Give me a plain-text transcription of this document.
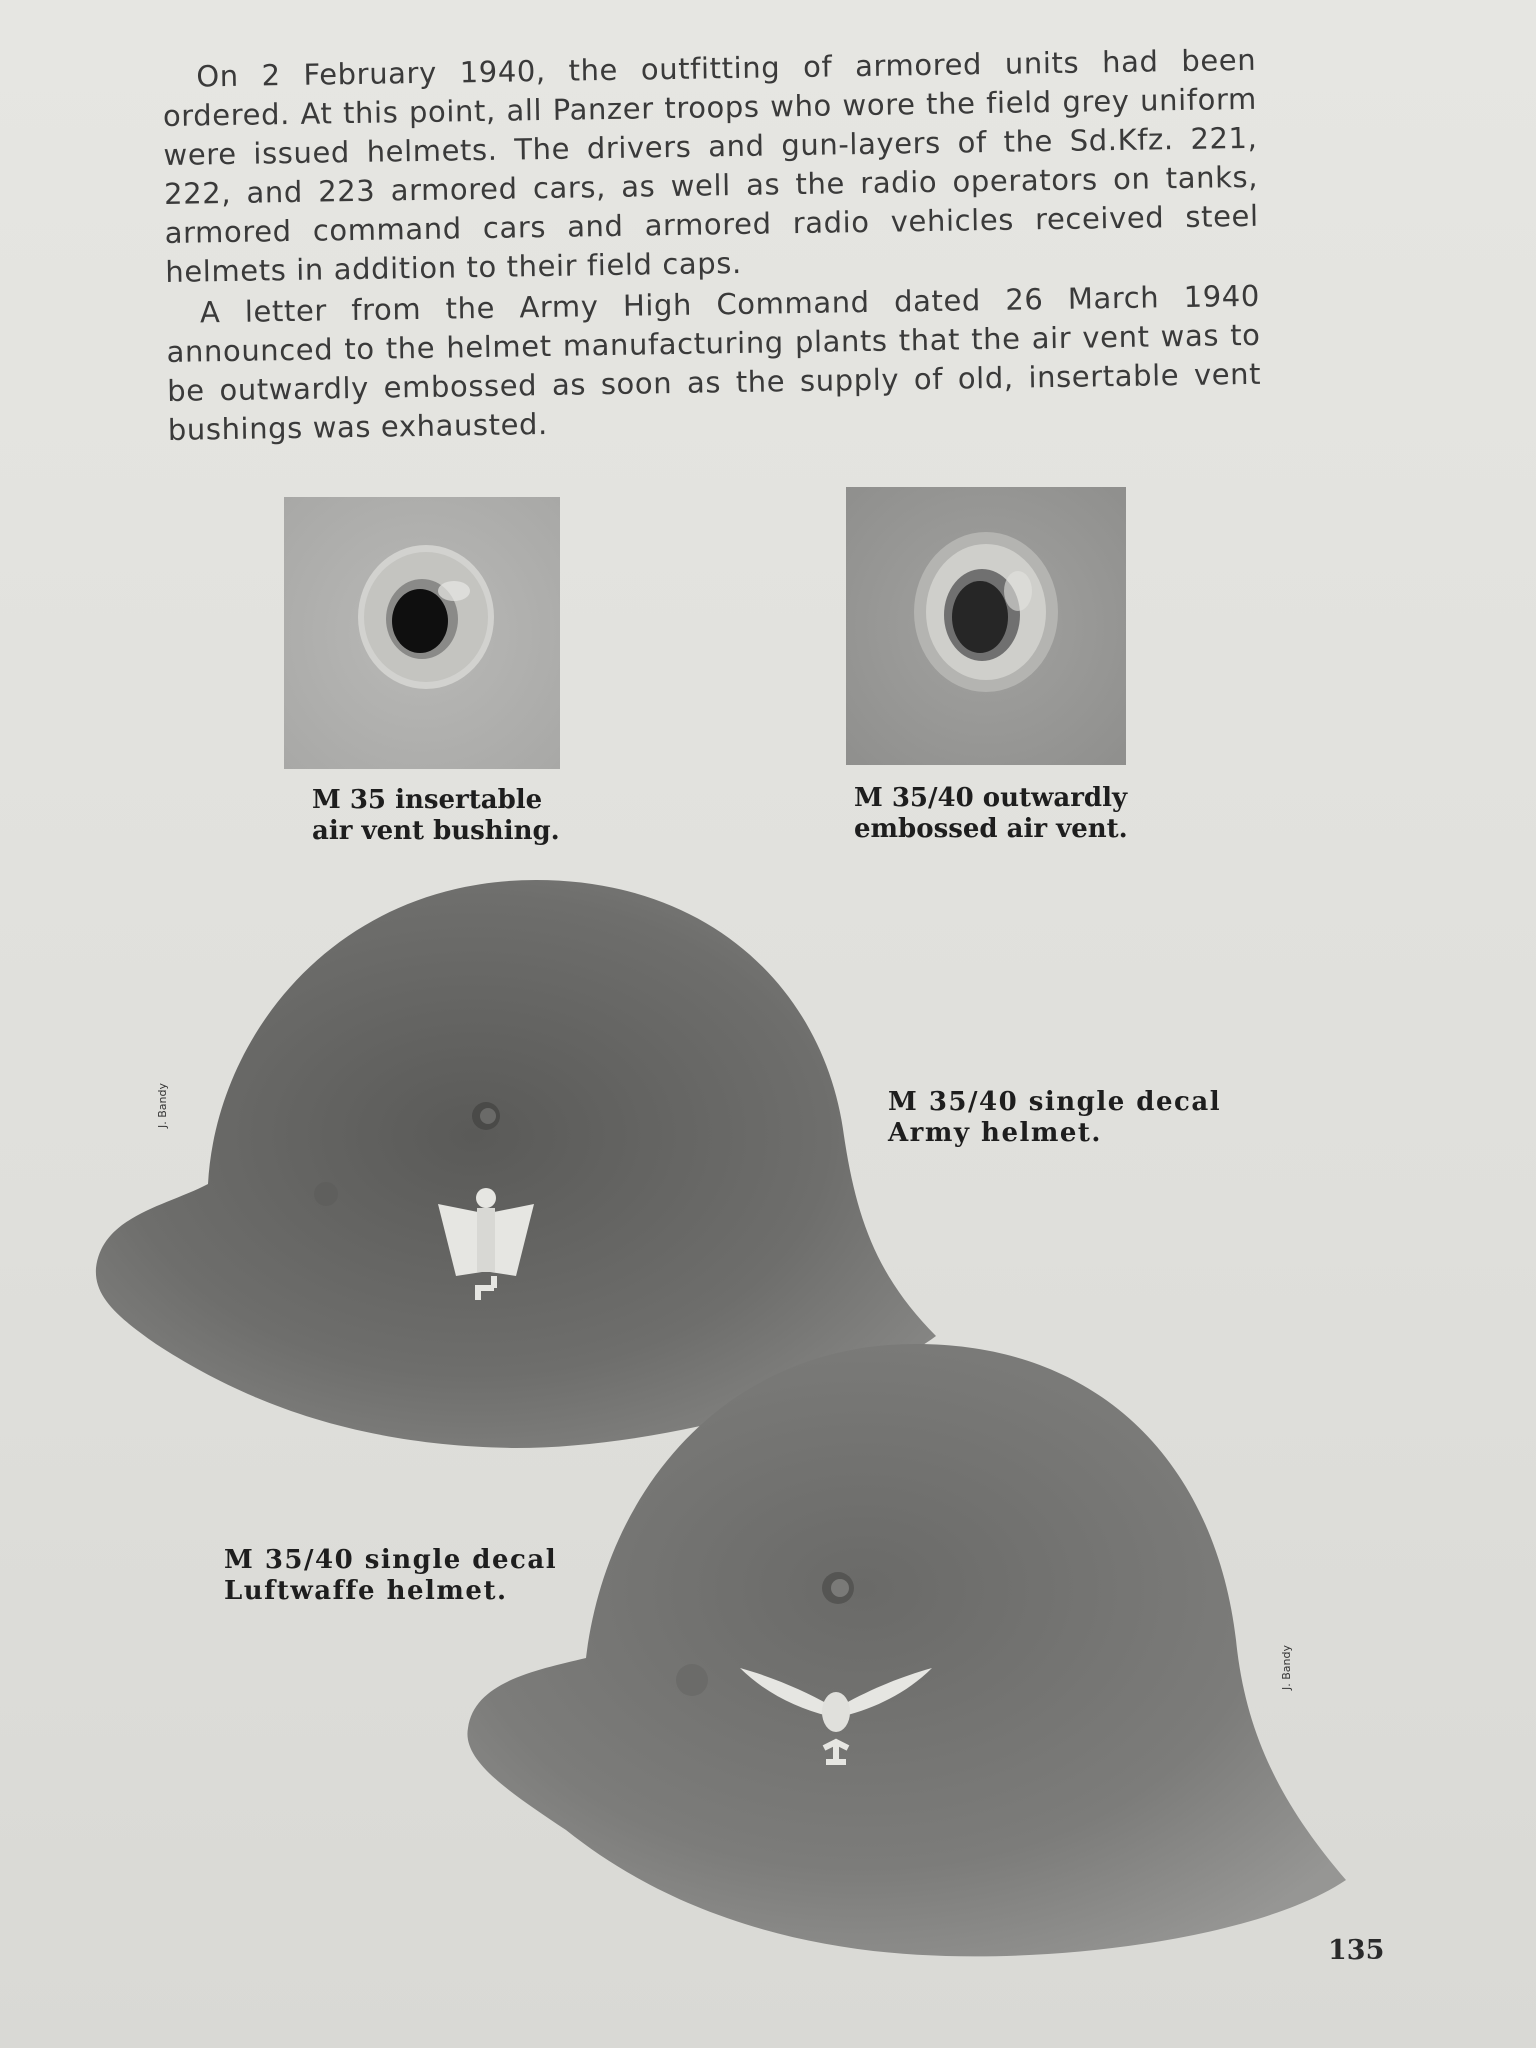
On 2 February 1940, the outfitting of armored units had been ordered. At this point, all Panzer troops who wore the field grey uniform were issued helmets. The drivers and gun-layers of the Sd.Kfz. 221, 222, and 223 armored cars, as well as the radio operators on tanks, armored command cars and armored radio vehicles received steel helmets in addition to their field caps.

A letter from the Army High Command dated 26 March 1940 announced to the helmet manufacturing plants that the air vent was to be outwardly embossed as soon as the supply of old, insertable vent bushings was exhausted.

M 35 insertable
air vent bushing.
M 35/40 outwardly
embossed air vent.
J. Bandy	M 35/40 single decal
Army helmet.
J. Bandy
M 35/40 single decal
Luftwaffe helmet.
135
